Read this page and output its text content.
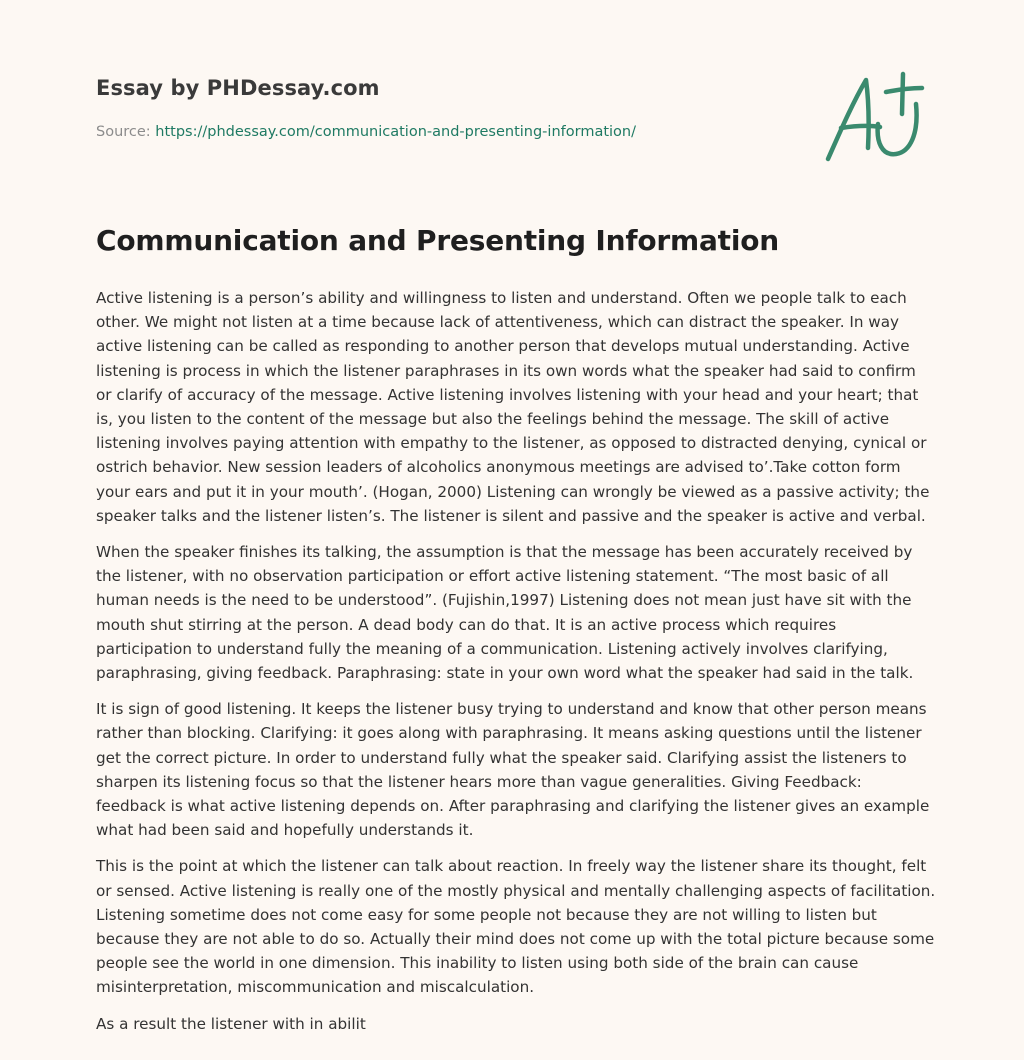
Essay by PHDessay.com

Source: https://phdessay.com/communication-and-presenting-information/

Communication and Presenting Information

Active listening is a person’s ability and willingness to listen and understand. Often we people talk to each other. We might not listen at a time because lack of attentiveness, which can distract the speaker. In way active listening can be called as responding to another person that develops mutual understanding. Active listening is process in which the listener paraphrases in its own words what the speaker had said to confirm or clarify of accuracy of the message. Active listening involves listening with your head and your heart; that is, you listen to the content of the message but also the feelings behind the message. The skill of active listening involves paying attention with empathy to the listener, as opposed to distracted denying, cynical or ostrich behavior. New session leaders of alcoholics anonymous meetings are advised to’.Take cotton form your ears and put it in your mouth’. (Hogan, 2000) Listening can wrongly be viewed as a passive activity; the speaker talks and the listener listen’s. The listener is silent and passive and the speaker is active and verbal.

When the speaker finishes its talking, the assumption is that the message has been accurately received by the listener, with no observation participation or effort active listening statement. “The most basic of all human needs is the need to be understood”. (Fujishin,1997) Listening does not mean just have sit with the mouth shut stirring at the person. A dead body can do that. It is an active process which requires participation to understand fully the meaning of a communication. Listening actively involves clarifying, paraphrasing, giving feedback. Paraphrasing: state in your own word what the speaker had said in the talk.

It is sign of good listening. It keeps the listener busy trying to understand and know that other person means rather than blocking. Clarifying: it goes along with paraphrasing. It means asking questions until the listener get the correct picture. In order to understand fully what the speaker said. Clarifying assist the listeners to sharpen its listening focus so that the listener hears more than vague generalities. Giving Feedback: feedback is what active listening depends on. After paraphrasing and clarifying the listener gives an example what had been said and hopefully understands it.

This is the point at which the listener can talk about reaction. In freely way the listener share its thought, felt or sensed. Active listening is really one of the mostly physical and mentally challenging aspects of facilitation. Listening sometime does not come easy for some people not because they are not willing to listen but because they are not able to do so. Actually their mind does not come up with the total picture because some people see the world in one dimension. This inability to listen using both side of the brain can cause misinterpretation, miscommunication and miscalculation.

As a result the listener with in abilit
